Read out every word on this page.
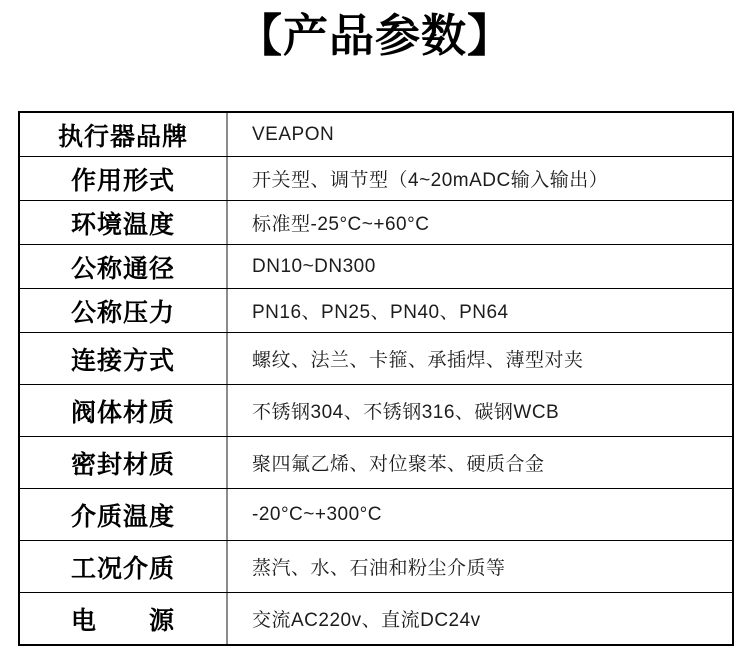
【产品参数】
执行器品牌	VEAPON
作用形式	开关型、调节型（4~20mADC输入输出）
环境温度	标准型-25°C~+60°C
公称通径	DN10~DN300
公称压力	PN16、PN25、PN40、PN64
连接方式	螺纹、法兰、卡箍、承插焊、薄型对夹
阀体材质	不锈钢304、不锈钢316、碳钢WCB
密封材质	聚四氟乙烯、对位聚苯、硬质合金
介质温度	-20°C~+300°C
工况介质	蒸汽、水、石油和粉尘介质等
电　　源	交流AC220v、直流DC24v
